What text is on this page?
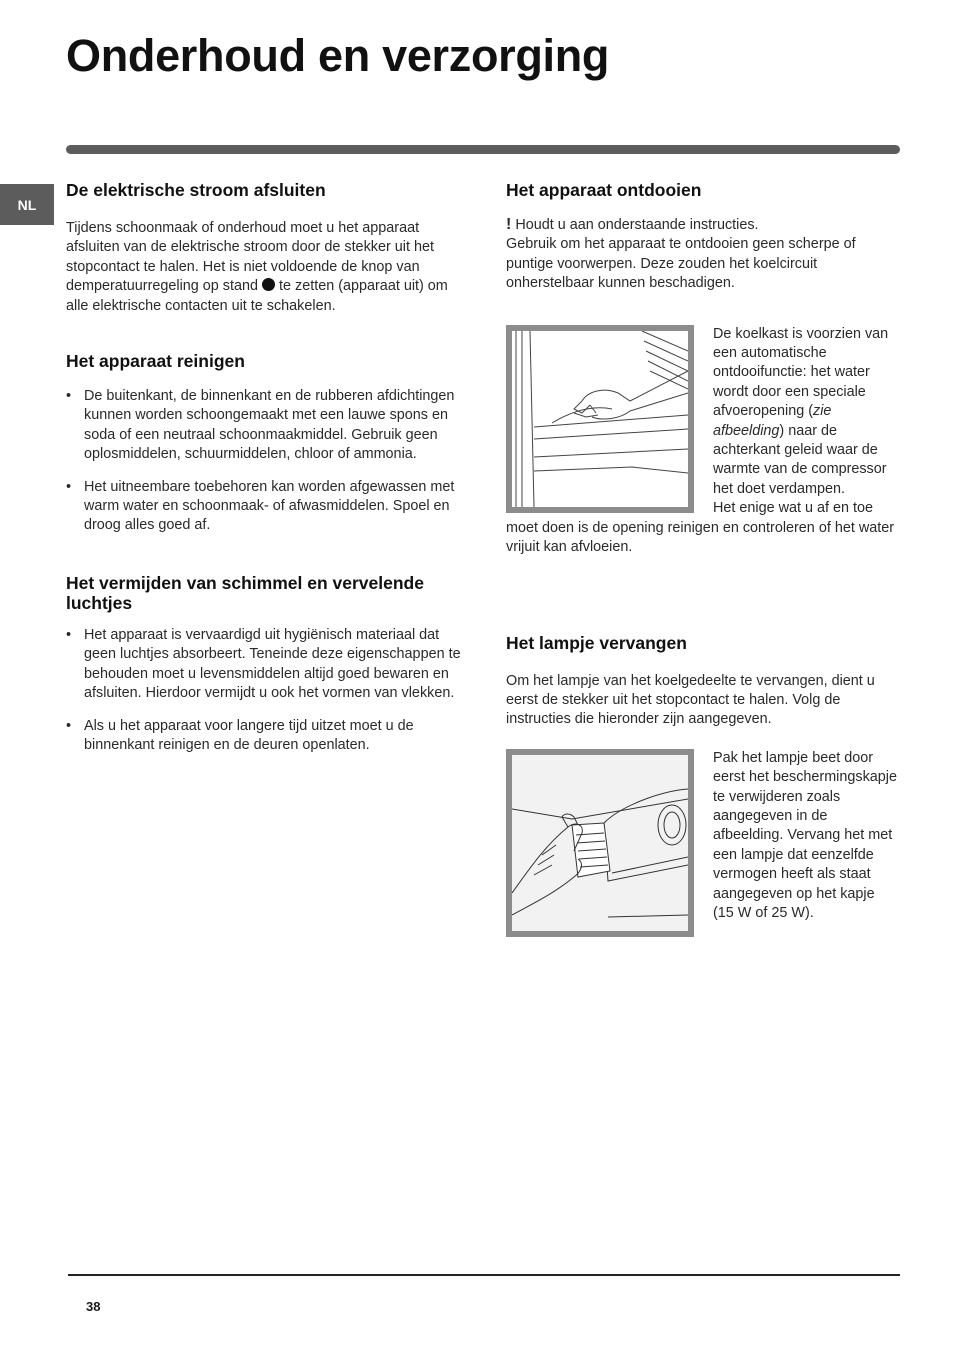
Onderhoud en verzorging
NL
De elektrische stroom afsluiten

Tijdens schoonmaak of onderhoud moet u het apparaat afsluiten van de elektrische stroom door de stekker uit het stopcontact te halen. Het is niet voldoende de knop van demperatuurregeling op stand  te zetten (apparaat uit) om alle elektrische contacten uit te schakelen.

Het apparaat reinigen
• De buitenkant, de binnenkant en de rubberen afdichtingen kunnen worden schoongemaakt met een lauwe spons en soda of een neutraal schoonmaakmiddel. Gebruik geen oplosmiddelen, schuurmiddelen, chloor of ammonia.
• Het uitneembare toebehoren kan worden afgewassen met warm water en schoonmaak- of afwasmiddelen. Spoel en droog alles goed af.
Het vermijden van schimmel en vervelende luchtjes
• Het apparaat is vervaardigd uit hygiënisch materiaal dat geen luchtjes absorbeert. Teneinde deze eigenschappen te behouden moet u levensmiddelen altijd goed bewaren en afsluiten. Hierdoor vermijdt u ook het vormen van vlekken.
• Als u het apparaat voor langere tijd uitzet moet u de binnenkant reinigen en de deuren openlaten.
Het apparaat ontdooien

! Houdt u aan onderstaande instructies.

Gebruik om het apparaat te ontdooien geen scherpe of puntige voorwerpen. Deze zouden het koelcircuit onherstelbaar kunnen beschadigen.

De koelkast is voorzien van een automatische ontdooifunctie: het water wordt door een speciale afvoeropening (zie afbeelding) naar de achterkant geleid waar de warmte van de compressor het doet verdampen.
Het enige wat u af en toe moet doen is de opening reinigen en controleren of het water vrijuit kan afvloeien.

Het lampje vervangen

Om het lampje van het koelgedeelte te vervangen, dient u eerst de stekker uit het stopcontact te halen. Volg de instructies die hieronder zijn aangegeven.

Pak het lampje beet door eerst het beschermingskapje te verwijderen zoals aangegeven in de afbeelding. Vervang het met een lampje dat eenzelfde vermogen heeft als staat aangegeven op het kapje (15 W of 25 W).

38
